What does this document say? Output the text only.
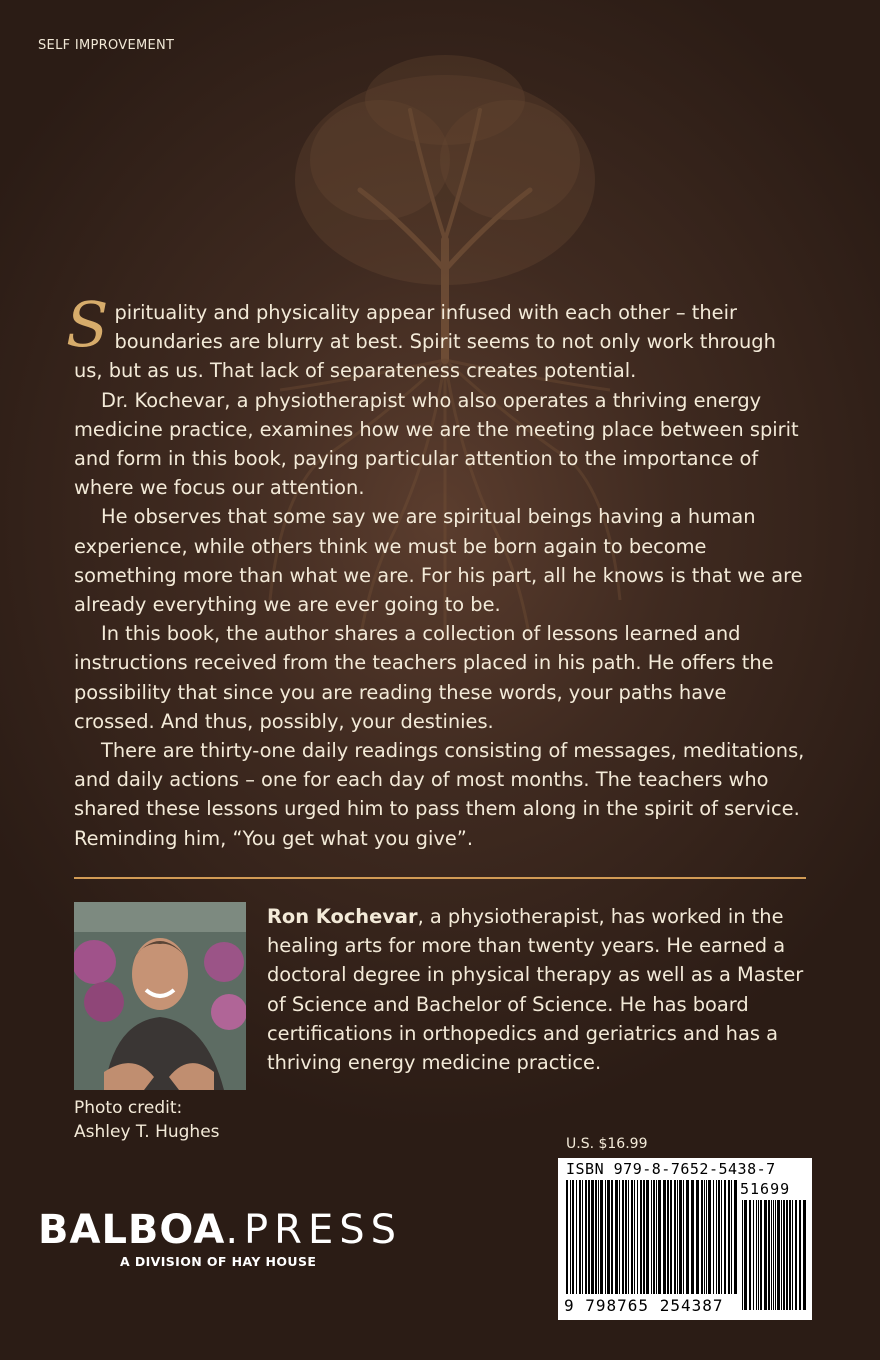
SELF IMPROVEMENT

Spirituality and physicality appear infused with each other – their boundaries are blurry at best. Spirit seems to not only work through us, but as us. That lack of separateness creates potential.

Dr. Kochevar, a physiotherapist who also operates a thriving energy medicine practice, examines how we are the meeting place between spirit and form in this book, paying particular attention to the importance of where we focus our attention.

He observes that some say we are spiritual beings having a human experience, while others think we must be born again to become something more than what we are. For his part, all he knows is that we are already everything we are ever going to be.

In this book, the author shares a collection of lessons learned and instructions received from the teachers placed in his path. He offers the possibility that since you are reading these words, your paths have crossed. And thus, possibly, your destinies.

There are thirty-one daily readings consisting of messages, meditations, and daily actions – one for each day of most months. The teachers who shared these lessons urged him to pass them along in the spirit of service. Reminding him, “You get what you give”.

Photo credit:
Ashley T. Hughes
Ron Kochevar, a physiotherapist, has worked in the healing arts for more than twenty years. He earned a doctoral degree in physical therapy as well as a Master of Science and Bachelor of Science. He has board certifications in orthopedics and geriatrics and has a thriving energy medicine practice.
U.S. $16.99
ISBN 979-8-7652-5438-7
51699
9 798765 254387
BALBOA.PRESS
A DIVISION OF HAY HOUSE
